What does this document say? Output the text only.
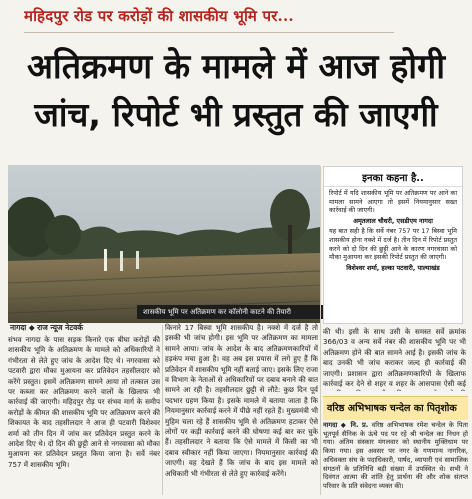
महिदपुर रोड पर करोड़ों की शासकीय भूमि पर...
अतिक्रमण के मामले में आज होगी
जांच, रिपोर्ट भी प्रस्तुत की जाएगी
शासकीय भूमि पर अतिक्रमण कर कॉलोनी काटने की तैयारी
नागदा ◆ राज न्यूज नेटवर्क
संभव नागदा के पास सड़क किनारे एक बीघा करोड़ों की शासकीय भूमि के अतिक्रमण के मामले को अधिकारियों ने गंभीरता से लेते हुए जांच के आदेश दिए थे। नगरवासा को पटवारी द्वारा मौका मुआयना कर प्रतिवेदन तहसीलदार को करेंगे प्रस्तुत। इसमें अतिक्रमण सामने आया तो तत्काल उस पर कब्जा कर अतिक्रमण करने वालों के खिलाफ भी कार्रवाई की जाएगी। महिदपुर रोड़ पर संभव मार्ग के समीप करोड़ों के कीमत की शासकीय भूमि पर अतिक्रमण करने की शिकायत के बाद तहसीलदार ने आज ही पटवारी विशेश्वर शर्मा को तीन दिन में जांच कर प्रतिवेदन प्रस्तुत करने के आदेश दिए थे। दो दिन की छुट्टी आने से नगरवासा को मौका मुआयना कर प्रतिवेदन प्रस्तुत किया जाना है। सर्वे नंबर 757 में शासकीय भूमि।
किनारे 17 बिस्वा भूमि शासकीय है। नक्शे में दर्ज है तो इसकी भी जांच होगी। इस भूमि पर अतिक्रमण का मामला सामने आया। जांच के आदेश के बाद अतिक्रमणकारियों में हड़कंप मचा हुआ है। वह अब इस प्रयास में लगे हुए हैं कि प्रतिवेदन में शासकीय भूमि नहीं बताई जाए। इसके लिए राजा व विभाग के नेताओं से अधिकारियों पर दबाव बनाने की बात सामने आ रही है। तहसीलदार छुट्टी से लौटे: कुछ दिन पूर्व पदभार ग्रहण किया है। इसके मामले में बताया जाता है कि नियमानुसार कार्रवाई करने में पीछे नहीं रहते हैं। मुख्यमंत्री भी मुहिम चला रहे हैं शासकीय भूमि से अतिक्रमण हटाकर ऐसे लोगों पर कड़ी कार्रवाई करने की घोषणा कई बार कर चुके हैं। तहसीलदार ने बताया कि ऐसे मामले में किसी का भी दबाव स्वीकार नहीं किया जाएगा। नियमानुसार कार्रवाई की जाएगी। वह देखते हैं कि जांच के बाद इस मामले को अधिकारी भी गंभीरता से लेते हुए कार्रवाई करेंगे।
इनका कहना है..

रिपोर्ट में यदि शासकीय भूमि पर अतिक्रमण पर आने का मामला सामने आएगा तो इसमें नियमानुसार सख्त कार्रवाई की जाएगी।

अमृतलाल चौधरी, एसडीएम नागदा

यह बात सही है कि सर्वे नंबर 757 पर 17 बिस्वा भूमि शासकीय होना नक्शे में दर्ज है। तीन दिन में रिपोर्ट प्रस्तुत करने को दो दिन की छुट्टी आने के कारण नगरवासा को मौका मुआयना कर इसकी रिपोर्ट प्रस्तुत की जाएगी।

विशेश्वर शर्मा, हल्का पटवारी, पाल्याखंड

की थी। इसी के साथ उसी के समस्त सर्वे क्रमांक 366/03 व अन्य सर्वे नंबर की शासकीय भूमि पर भी अतिक्रमण होने की बात सामने आई है। इसकी जांच के बाद उनकी भी जांच कराकर जल्द ही कार्रवाई की जाएगी। प्रशासन द्वारा अतिक्रमणकारियों के खिलाफ कार्रवाई कर देने से शहर व शहर के आसपास ऐसी कई
वरिष्ठ अभिभाषक चन्देल का पितृशोक
नागदा ◆ नि. प्र. वरिष्ठ अभिभाषक रमेश चन्देल के पिता भूतपूर्व सैनिक के ऊंचे पद पर रहे श्री चन्देल का निधन हो गया। अंतिम संस्कार मंगलवार को स्थानीय मुक्तिधाम पर किया गया। इस अवसर पर नगर के गणमान्य नागरिक, अधिवक्ता संघ के पदाधिकारी, पार्षद, व्यापारी एवं सामाजिक संगठनों के प्रतिनिधि बड़ी संख्या में उपस्थित थे। सभी ने दिवंगत आत्मा की शांति हेतु प्रार्थना की और शोक संतप्त परिवार के प्रति संवेदना व्यक्त की।
